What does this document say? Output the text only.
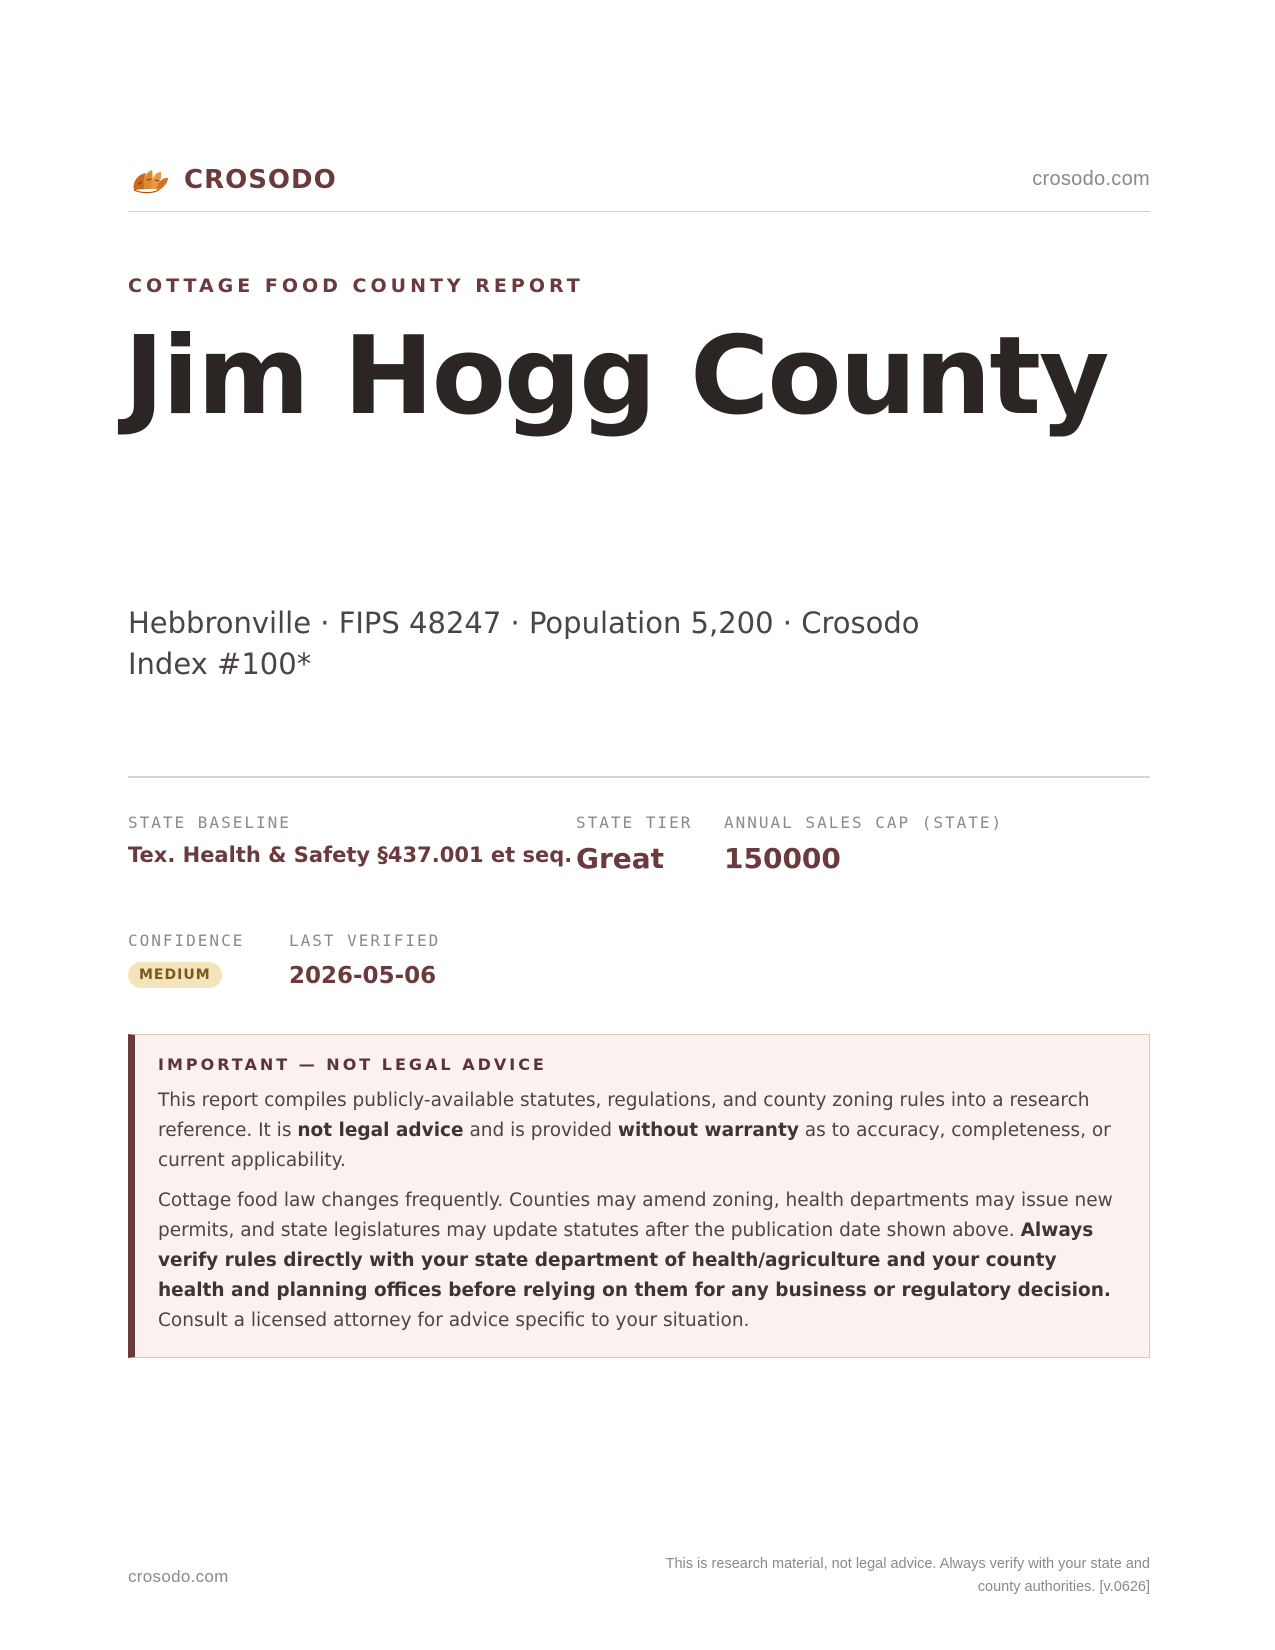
CROSODO	crosodo.com
COTTAGE FOOD COUNTY REPORT
Jim Hogg County
Hebbronville · FIPS 48247 · Population 5,200 · Crosodo Index #100*
STATE BASELINE
Tex. Health & Safety §437.001 et seq.
STATE TIER
Great
ANNUAL SALES CAP (STATE)
150000
CONFIDENCE
MEDIUM
LAST VERIFIED
2026-05-06
IMPORTANT — NOT LEGAL ADVICE

This report compiles publicly-available statutes, regulations, and county zoning rules into a research reference. It is not legal advice and is provided without warranty as to accuracy, completeness, or current applicability.

Cottage food law changes frequently. Counties may amend zoning, health departments may issue new permits, and state legislatures may update statutes after the publication date shown above. Always verify rules directly with your state department of health/agriculture and your county health and planning offices before relying on them for any business or regulatory decision. Consult a licensed attorney for advice specific to your situation.

crosodo.com
This is research material, not legal advice. Always verify with your state and county authorities. [v.0626]
